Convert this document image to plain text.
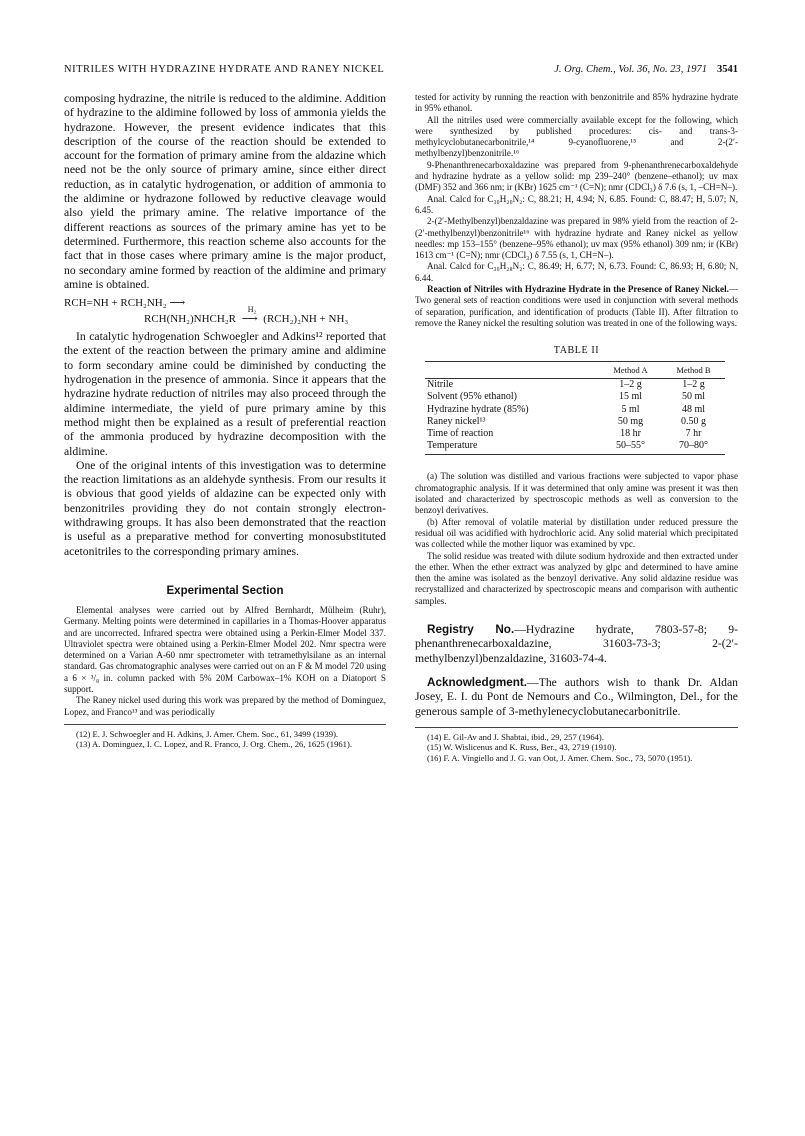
NITRILES WITH HYDRAZINE HYDRATE AND RANEY NICKEL	J. Org. Chem., Vol. 36, No. 23, 1971 3541

composing hydrazine, the nitrile is reduced to the aldimine. Addition of hydrazine to the aldimine followed by loss of ammonia yields the hydrazone. However, the present evidence indicates that this description of the course of the reaction should be extended to account for the formation of primary amine from the aldazine which need not be the only source of primary amine, since either direct reduction, as in catalytic hydrogenation, or addition of ammonia to the aldimine or hydrazone followed by reductive cleavage would also yield the primary amine. The relative importance of the different reactions as sources of the primary amine has yet to be determined. Furthermore, this reaction scheme also accounts for the fact that in those cases where primary amine is the major product, no secondary amine formed by reaction of the aldimine and primary amine is obtained.

RCH=NH + RCH₂NH₂ ⟶
RCH(NH₂)NHCH₂R
H₂
⟶ (RCH₂)₂NH + NH₃

In catalytic hydrogenation Schwoegler and Adkins¹² reported that the extent of the reaction between the primary amine and aldimine to form secondary amine could be diminished by conducting the hydrogenation in the presence of ammonia. Since it appears that the hydrazine hydrate reduction of nitriles may also proceed through the aldimine intermediate, the yield of pure primary amine by this method might then be explained as a result of preferential reaction of the ammonia produced by hydrazine decomposition with the aldimine.

One of the original intents of this investigation was to determine the reaction limitations as an aldehyde synthesis. From our results it is obvious that good yields of aldazine can be expected only with benzonitriles providing they do not contain strongly electron-withdrawing groups. It has also been demonstrated that the reaction is useful as a preparative method for converting monosubstituted acetonitriles to the corresponding primary amines.

Experimental Section

Elemental analyses were carried out by Alfred Bernhardt, Mülheim (Ruhr), Germany. Melting points were determined in capillaries in a Thomas-Hoover apparatus and are uncorrected. Infrared spectra were obtained using a Perkin-Elmer Model 337. Ultraviolet spectra were obtained using a Perkin-Elmer Model 202. Nmr spectra were determined on a Varian A-60 nmr spectrometer with tetramethylsilane as an internal standard. Gas chromatographic analyses were carried out on an F & M model 720 using a 6 × ³/₈ in. column packed with 5% 20M Carbowax–1% KOH on a Diatoport S support.

The Raney nickel used during this work was prepared by the method of Dominguez, Lopez, and Franco¹³ and was periodically

(12) E. J. Schwoegler and H. Adkins, J. Amer. Chem. Soc., 61, 3499 (1939).

(13) A. Dominguez, I. C. Lopez, and R. Franco, J. Org. Chem., 26, 1625 (1961).

tested for activity by running the reaction with benzonitrile and 85% hydrazine hydrate in 95% ethanol.

All the nitriles used were commercially available except for the following, which were synthesized by published procedures: cis- and trans-3-methylcyclobutanecarbonitrile,¹⁴ 9-cyanofluorene,¹⁵ and 2-(2′-methylbenzyl)benzonitrile.¹⁶

9-Phenanthrenecarboxaldazine was prepared from 9-phenanthrenecarboxaldehyde and hydrazine hydrate as a yellow solid: mp 239–240° (benzene–ethanol); uv max (DMF) 352 and 366 nm; ir (KBr) 1625 cm⁻¹ (C=N); nmr (CDCl₃) δ 7.6 (s, 1, –CH=N–).

Anal. Calcd for C₃₀H₂₀N₂: C, 88.21; H, 4.94; N, 6.85. Found: C, 88.47; H, 5.07; N, 6.45.

2-(2′-Methylbenzyl)benzaldazine was prepared in 98% yield from the reaction of 2-(2′-methylbenzyl)benzonitrile¹⁶ with hydrazine hydrate and Raney nickel as yellow needles: mp 153–155° (benzene–95% ethanol); uv max (95% ethanol) 309 nm; ir (KBr) 1613 cm⁻¹ (C=N); nmr (CDCl₃) δ 7.55 (s, 1, CH=N–).

Anal. Calcd for C₃₀H₂₈N₂: C, 86.49; H, 6.77; N, 6.73. Found: C, 86.93; H, 6.80; N, 6.44.

Reaction of Nitriles with Hydrazine Hydrate in the Presence of Raney Nickel.—Two general sets of reaction conditions were used in conjunction with several methods of separation, purification, and identification of products (Table II). After filtration to remove the Raney nickel the resulting solution was treated in one of the following ways.

TABLE II
	Method A	Method B
Nitrile	1–2 g	1–2 g
Solvent (95% ethanol)	15 ml	50 ml
Hydrazine hydrate (85%)	5 ml	48 ml
Raney nickel¹³	50 mg	0.50 g
Time of reaction	18 hr	7 hr
Temperature	50–55°	70–80°

(a) The solution was distilled and various fractions were subjected to vapor phase chromatographic analysis. If it was determined that only amine was present it was then isolated and characterized by spectroscopic methods as well as conversion to the benzoyl derivatives.

(b) After removal of volatile material by distillation under reduced pressure the residual oil was acidified with hydrochloric acid. Any solid material which precipitated was collected while the mother liquor was examined by vpc.

The solid residue was treated with dilute sodium hydroxide and then extracted under the ether. When the ether extract was analyzed by glpc and determined to have amine then the amine was isolated as the benzoyl derivative. Any solid aldazine residue was recrystallized and characterized by spectroscopic means and comparison with authentic samples.

Registry No.—Hydrazine hydrate, 7803-57-8; 9-phenanthrenecarboxaldazine, 31603-73-3; 2-(2′-methylbenzyl)benzaldazine, 31603-74-4.

Acknowledgment.—The authors wish to thank Dr. Aldan Josey, E. I. du Pont de Nemours and Co., Wilmington, Del., for the generous sample of 3-methylenecyclobutanecarbonitrile.

(14) E. Gil-Av and J. Shabtai, ibid., 29, 257 (1964).

(15) W. Wislicenus and K. Russ, Ber., 43, 2719 (1910).

(16) F. A. Vingiello and J. G. van Oot, J. Amer. Chem. Soc., 73, 5070 (1951).
